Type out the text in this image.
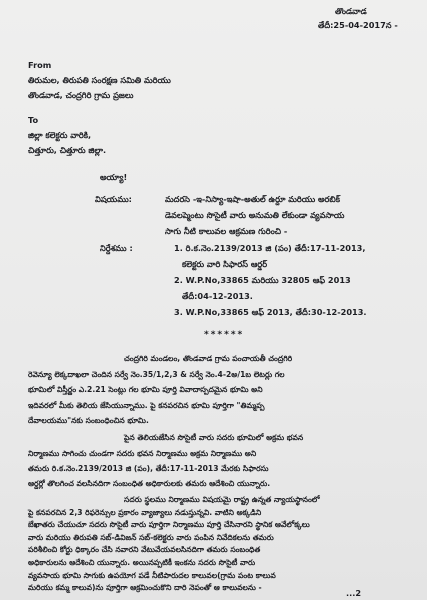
తొండవాడ
తేదీ:25-04-2017న -
From
తిరుమల, తిరుపతి సంరక్షణ సమితి మరియు
తొండవాడ, చంద్రగిరి గ్రామ ప్రజలు
To
జిల్లా కలెక్టరు వారికి,
చిత్తూరు, చిత్తూరు జిల్లా.
అయ్యా!
విషయము:	మదరసె -ఇ-నిస్యా-ఇషా-అతుల్ ఉర్దూ మరియు అరబిక్
డెవలప్మెంటు సొసైటీ వారు అనుమతి లేకుండా వ్యవసాయ
సాగు నీటి కాలువల ఆక్రమణ గురించి -
నిర్దేశము :	1. రి.క.నెం.2139/2013 జి (పం) తేదీ:17-11-2013,
కలెక్టరు వారి సిఫారస్ ఆర్డర్
2. W.P.No,33865 మరియు 32805 ఆఫ్ 2013
తేదీ:04-12-2013.
3. W.P.No,33865 ఆఫ్ 2013, తేదీ:30-12-2013.
******
చంద్రగిరి మండలం, తొండవాడ గ్రామ పంచాయతీ చంద్రగిరి
రెవెన్యూ లెక్కదాఖలా చెందిన సర్వే నెం.35/1,2,3 & సర్వే నెం.4-2అ/1బ లెటర్లు గల
భూమిలో విస్తీర్ణం ఎ.2.21 సెంట్లు గల భూమి పూర్తి వివాదాస్పదమైన భూమి అని
ఇదివరలో మీకు తెలియ జేసియున్నాము. పై కనపరచిన భూమి పూర్తిగా "తిమ్మప్ప
దేవాలయము"నకు సంబంధించిన భూమి.
పైన తెలియజేసిన సొసైటీ వారు సదరు భూమిలో అక్రమ భవన
నిర్మాణము సాగించు చుండగా సదరు భవన నిర్మాణము అక్రమ నిర్మాణము అని
తమరు రి.క.నెం.2139/2013 జి (పం), తేదీ:17-11-2013 మేరకు సిఫారసు
ఆర్డర్లో తొలగించ వలసినదిగా సంబంధిత అధికారులకు తమరు ఆదేశించి యున్నారు.
సదరు స్థలము నిర్మాణము విషయమై రాష్ట్ర ఉన్నత న్యాయస్థానంలో
పై కనపరచిన 2,3 రిఫరెన్సుల ప్రకారం వ్యాజ్యాలు నడుస్తున్నవి. వాటిని అక్కడిని
బేఖాతరు చేయుచూ సదరు సొసైటీ వారు పూర్తిగా నిర్మాణము పూర్తి చేసినారని స్థానిక ఆవేలోక్కలు
వారు మరియు తిరుపతి సబ్-డివిజన్ సబ్-కలెక్టరు వారు పంపిన నివేదికలను తమరు
పరిశీలించి కోర్టు ధిక్కారం చేసి నవారని వేటువేయవలసినదిగా తమరు సంబంధిత
అధికారులను ఆదేశించి యున్నారు. అయినప్పటికీ ఇంకను సదరు సొసైటీ వారు
వ్యవసాయ భూమి సాగుకు ఉపయోగ పడే నీటిపారుదల కాలువల(గ్రామ పంట కాలువ
మరియు కమ్మ కాలువ)ను పూర్తిగా ఆక్రమించుకొని దారి నెపంతో ఆ కాలువలను -
...2
